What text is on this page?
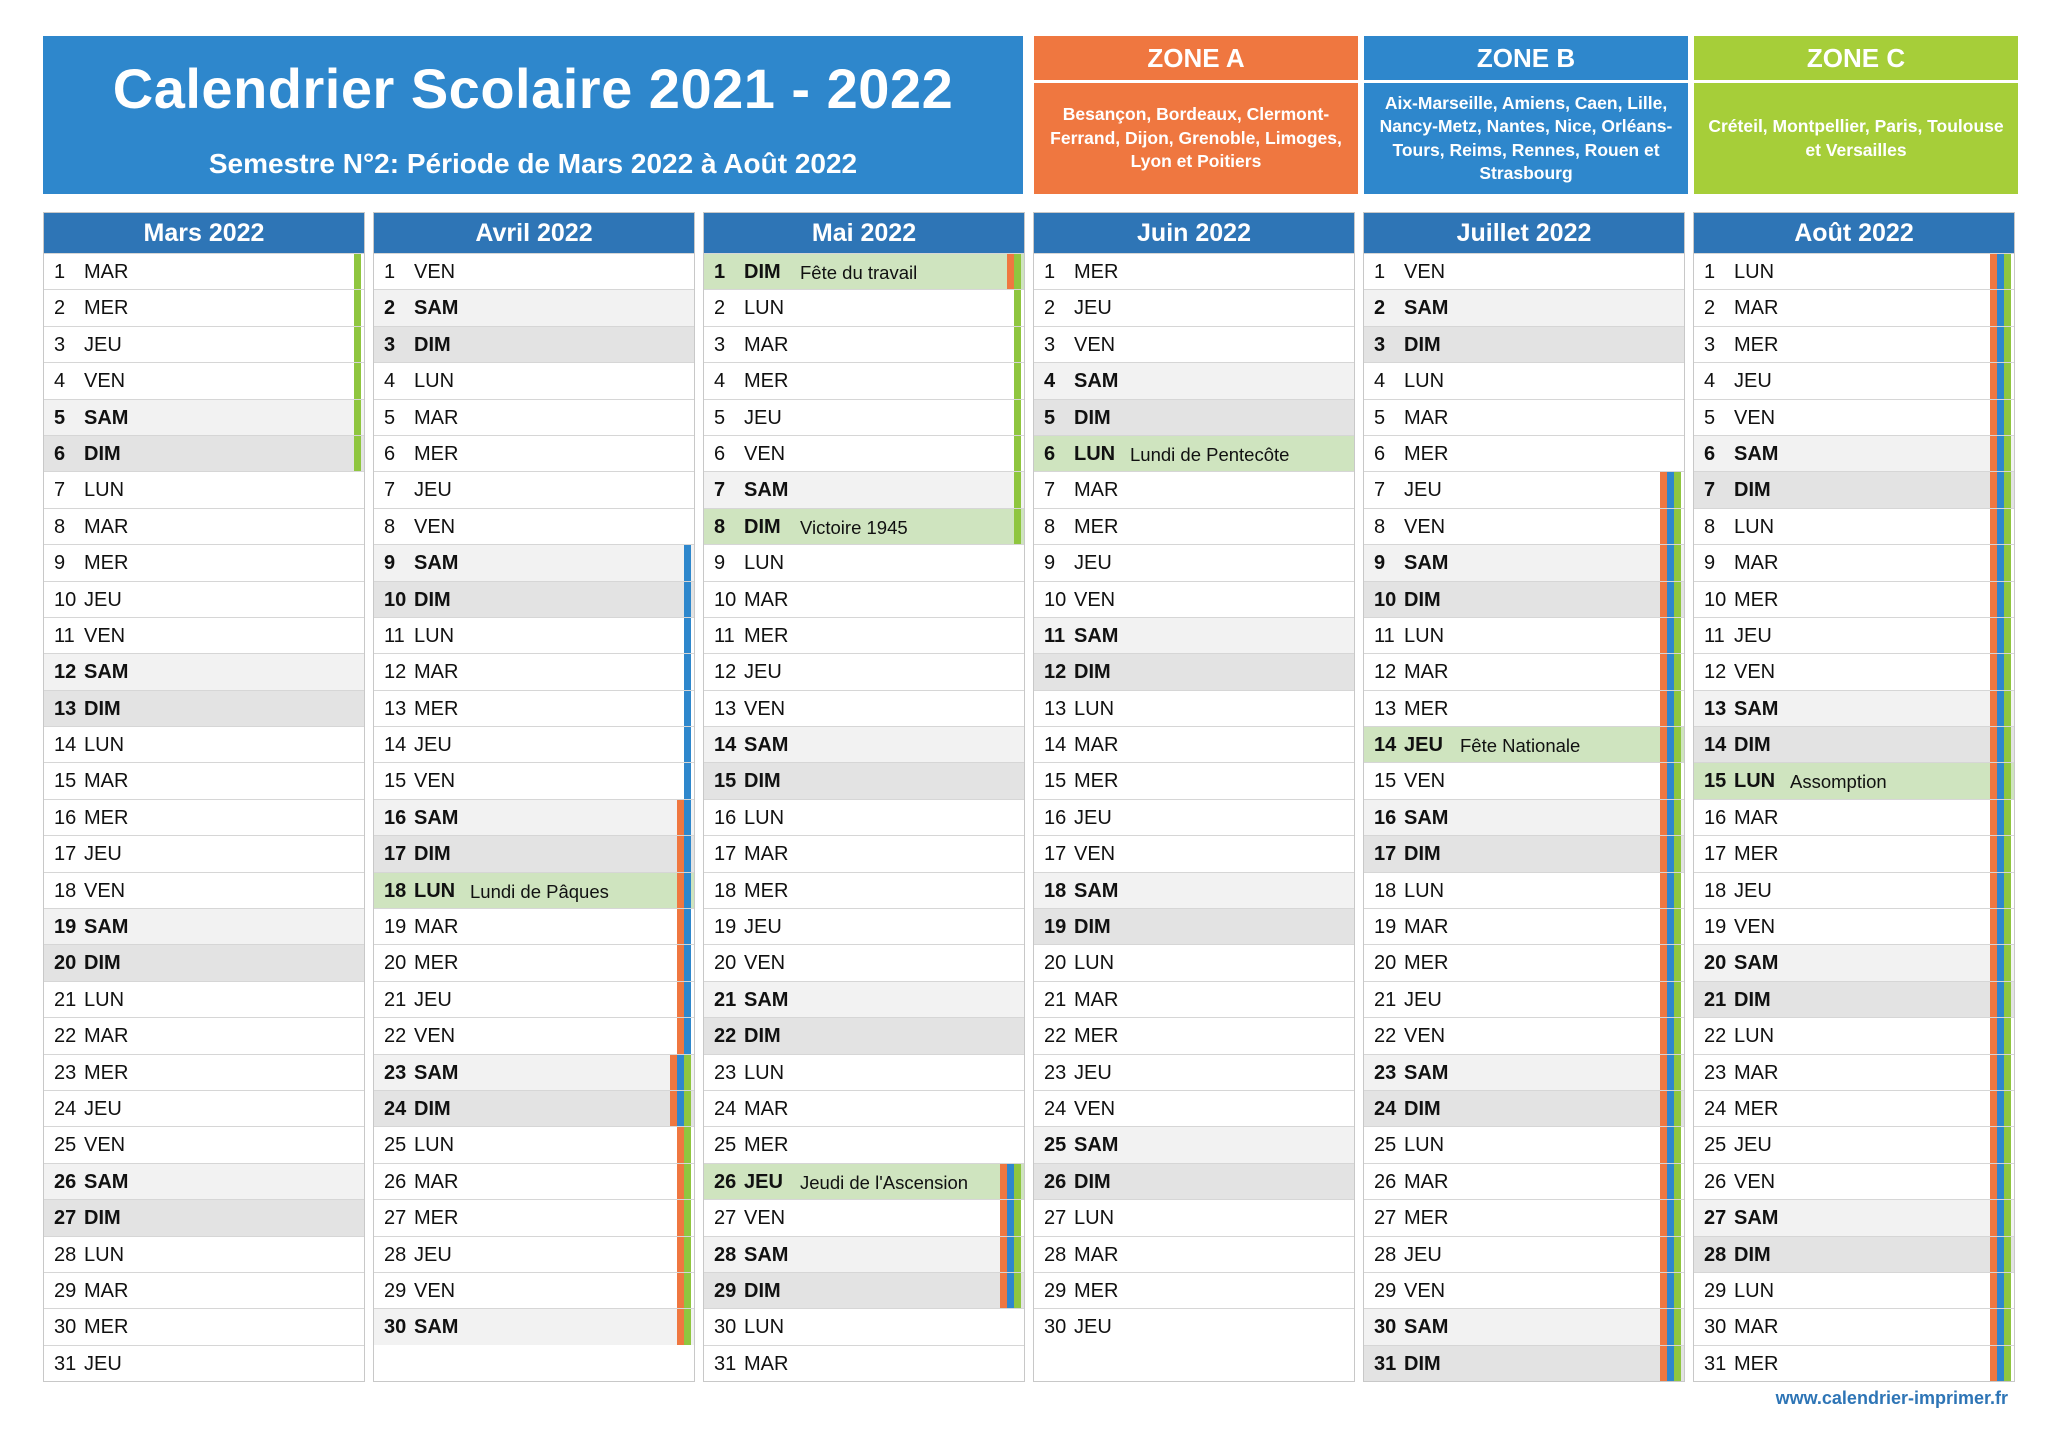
Calendrier Scolaire 2021 - 2022
Semestre N°2: Période de Mars 2022 à Août 2022
ZONE A
Besançon, Bordeaux, Clermont-Ferrand, Dijon, Grenoble, Limoges, Lyon et Poitiers
ZONE B
Aix-Marseille, Amiens, Caen, Lille, Nancy-Metz, Nantes, Nice, Orléans-Tours, Reims, Rennes, Rouen et Strasbourg
ZONE C
Créteil, Montpellier, Paris, Toulouse et Versailles
Mars 2022
1 MAR
2 MER
3 JEU
4 VEN
5 SAM
6 DIM
7 LUN
8 MAR
9 MER
10 JEU
11 VEN
12 SAM
13 DIM
14 LUN
15 MAR
16 MER
17 JEU
18 VEN
19 SAM
20 DIM
21 LUN
22 MAR
23 MER
24 JEU
25 VEN
26 SAM
27 DIM
28 LUN
29 MAR
30 MER
31 JEU
Avril 2022
1 VEN
2 SAM
3 DIM
4 LUN
5 MAR
6 MER
7 JEU
8 VEN
9 SAM
10 DIM
11 LUN
12 MAR
13 MER
14 JEU
15 VEN
16 SAM
17 DIM
18 LUN Lundi de Pâques
19 MAR
20 MER
21 JEU
22 VEN
23 SAM
24 DIM
25 LUN
26 MAR
27 MER
28 JEU
29 VEN
30 SAM
Mai 2022
1 DIM Fête du travail
2 LUN
3 MAR
4 MER
5 JEU
6 VEN
7 SAM
8 DIM Victoire 1945
9 LUN
10 MAR
11 MER
12 JEU
13 VEN
14 SAM
15 DIM
16 LUN
17 MAR
18 MER
19 JEU
20 VEN
21 SAM
22 DIM
23 LUN
24 MAR
25 MER
26 JEU Jeudi de l'Ascension
27 VEN
28 SAM
29 DIM
30 LUN
31 MAR
Juin 2022
1 MER
2 JEU
3 VEN
4 SAM
5 DIM
6 LUN Lundi de Pentecôte
7 MAR
8 MER
9 JEU
10 VEN
11 SAM
12 DIM
13 LUN
14 MAR
15 MER
16 JEU
17 VEN
18 SAM
19 DIM
20 LUN
21 MAR
22 MER
23 JEU
24 VEN
25 SAM
26 DIM
27 LUN
28 MAR
29 MER
30 JEU
Juillet 2022
1 VEN
2 SAM
3 DIM
4 LUN
5 MAR
6 MER
7 JEU
8 VEN
9 SAM
10 DIM
11 LUN
12 MAR
13 MER
14 JEU Fête Nationale
15 VEN
16 SAM
17 DIM
18 LUN
19 MAR
20 MER
21 JEU
22 VEN
23 SAM
24 DIM
25 LUN
26 MAR
27 MER
28 JEU
29 VEN
30 SAM
31 DIM
Août 2022
1 LUN
2 MAR
3 MER
4 JEU
5 VEN
6 SAM
7 DIM
8 LUN
9 MAR
10 MER
11 JEU
12 VEN
13 SAM
14 DIM
15 LUN Assomption
16 MAR
17 MER
18 JEU
19 VEN
20 SAM
21 DIM
22 LUN
23 MAR
24 MER
25 JEU
26 VEN
27 SAM
28 DIM
29 LUN
30 MAR
31 MER
www.calendrier-imprimer.fr
